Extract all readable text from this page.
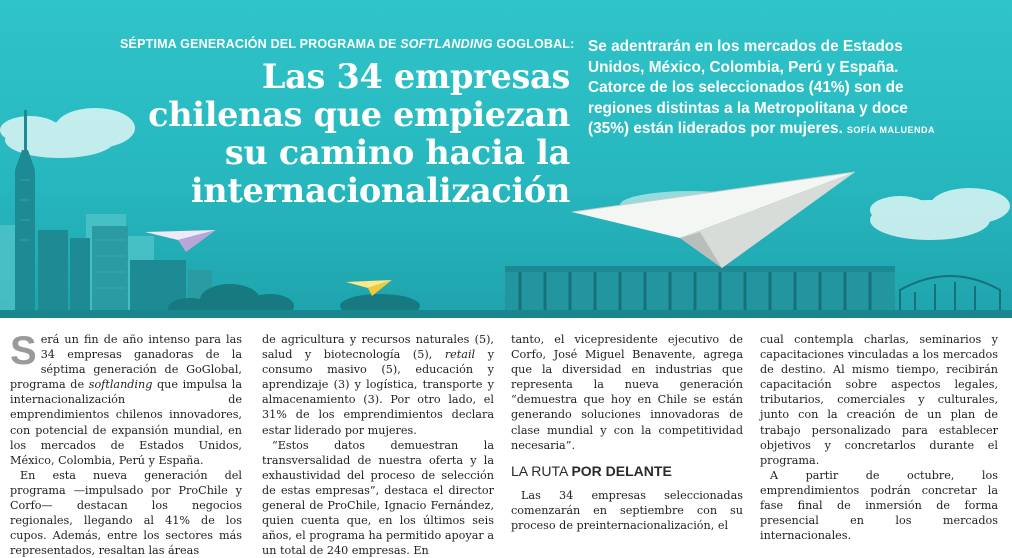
SÉPTIMA GENERACIÓN DEL PROGRAMA DE SOFTLANDING GOGLOBAL:
Las 34 empresas
chilenas que empiezan
su camino hacia la
internacionalización
Se adentrarán en los mercados de Estados Unidos, México, Colombia, Perú y España. Catorce de los seleccionados (41%) son de regiones distintas a la Metropolitana y doce (35%) están liderados por mujeres. SOFÍA MALUENDA

Será un fin de año intenso para las 34 empresas ganadoras de la séptima generación de GoGlobal, programa de softlanding que impulsa la internacionalización de emprendimientos chilenos innovadores, con potencial de expansión mundial, en los mercados de Estados Unidos, México, Colombia, Perú y España.

En esta nueva generación del programa —impulsado por ProChile y Corfo— destacan los negocios regionales, llegando al 41% de los cupos. Además, entre los sectores más representados, resaltan las áreas

de agricultura y recursos naturales (5), salud y biotecnología (5), retail y consumo masivo (5), educación y aprendizaje (3) y logística, transporte y almacenamiento (3). Por otro lado, el 31% de los emprendimientos declara estar liderado por mujeres.

“Estos datos demuestran la transversalidad de nuestra oferta y la exhaustividad del proceso de selección de estas empresas”, destaca el director general de ProChile, Ignacio Fernández, quien cuenta que, en los últimos seis años, el programa ha permitido apoyar a un total de 240 empresas. En

tanto, el vicepresidente ejecutivo de Corfo, José Miguel Benavente, agrega que la diversidad en industrias que representa la nueva generación “demuestra que hoy en Chile se están generando soluciones innovadoras de clase mundial y con la competitividad necesaria”.

LA RUTA POR DELANTE

Las 34 empresas seleccionadas comenzarán en septiembre con su proceso de preinternacionalización, el

cual contempla charlas, seminarios y capacitaciones vinculadas a los mercados de destino. Al mismo tiempo, recibirán capacitación sobre aspectos legales, tributarios, comerciales y culturales, junto con la creación de un plan de trabajo personalizado para establecer objetivos y concretarlos durante el programa.

A partir de octubre, los emprendimientos podrán concretar la fase final de inmersión de forma presencial en los mercados internacionales.
